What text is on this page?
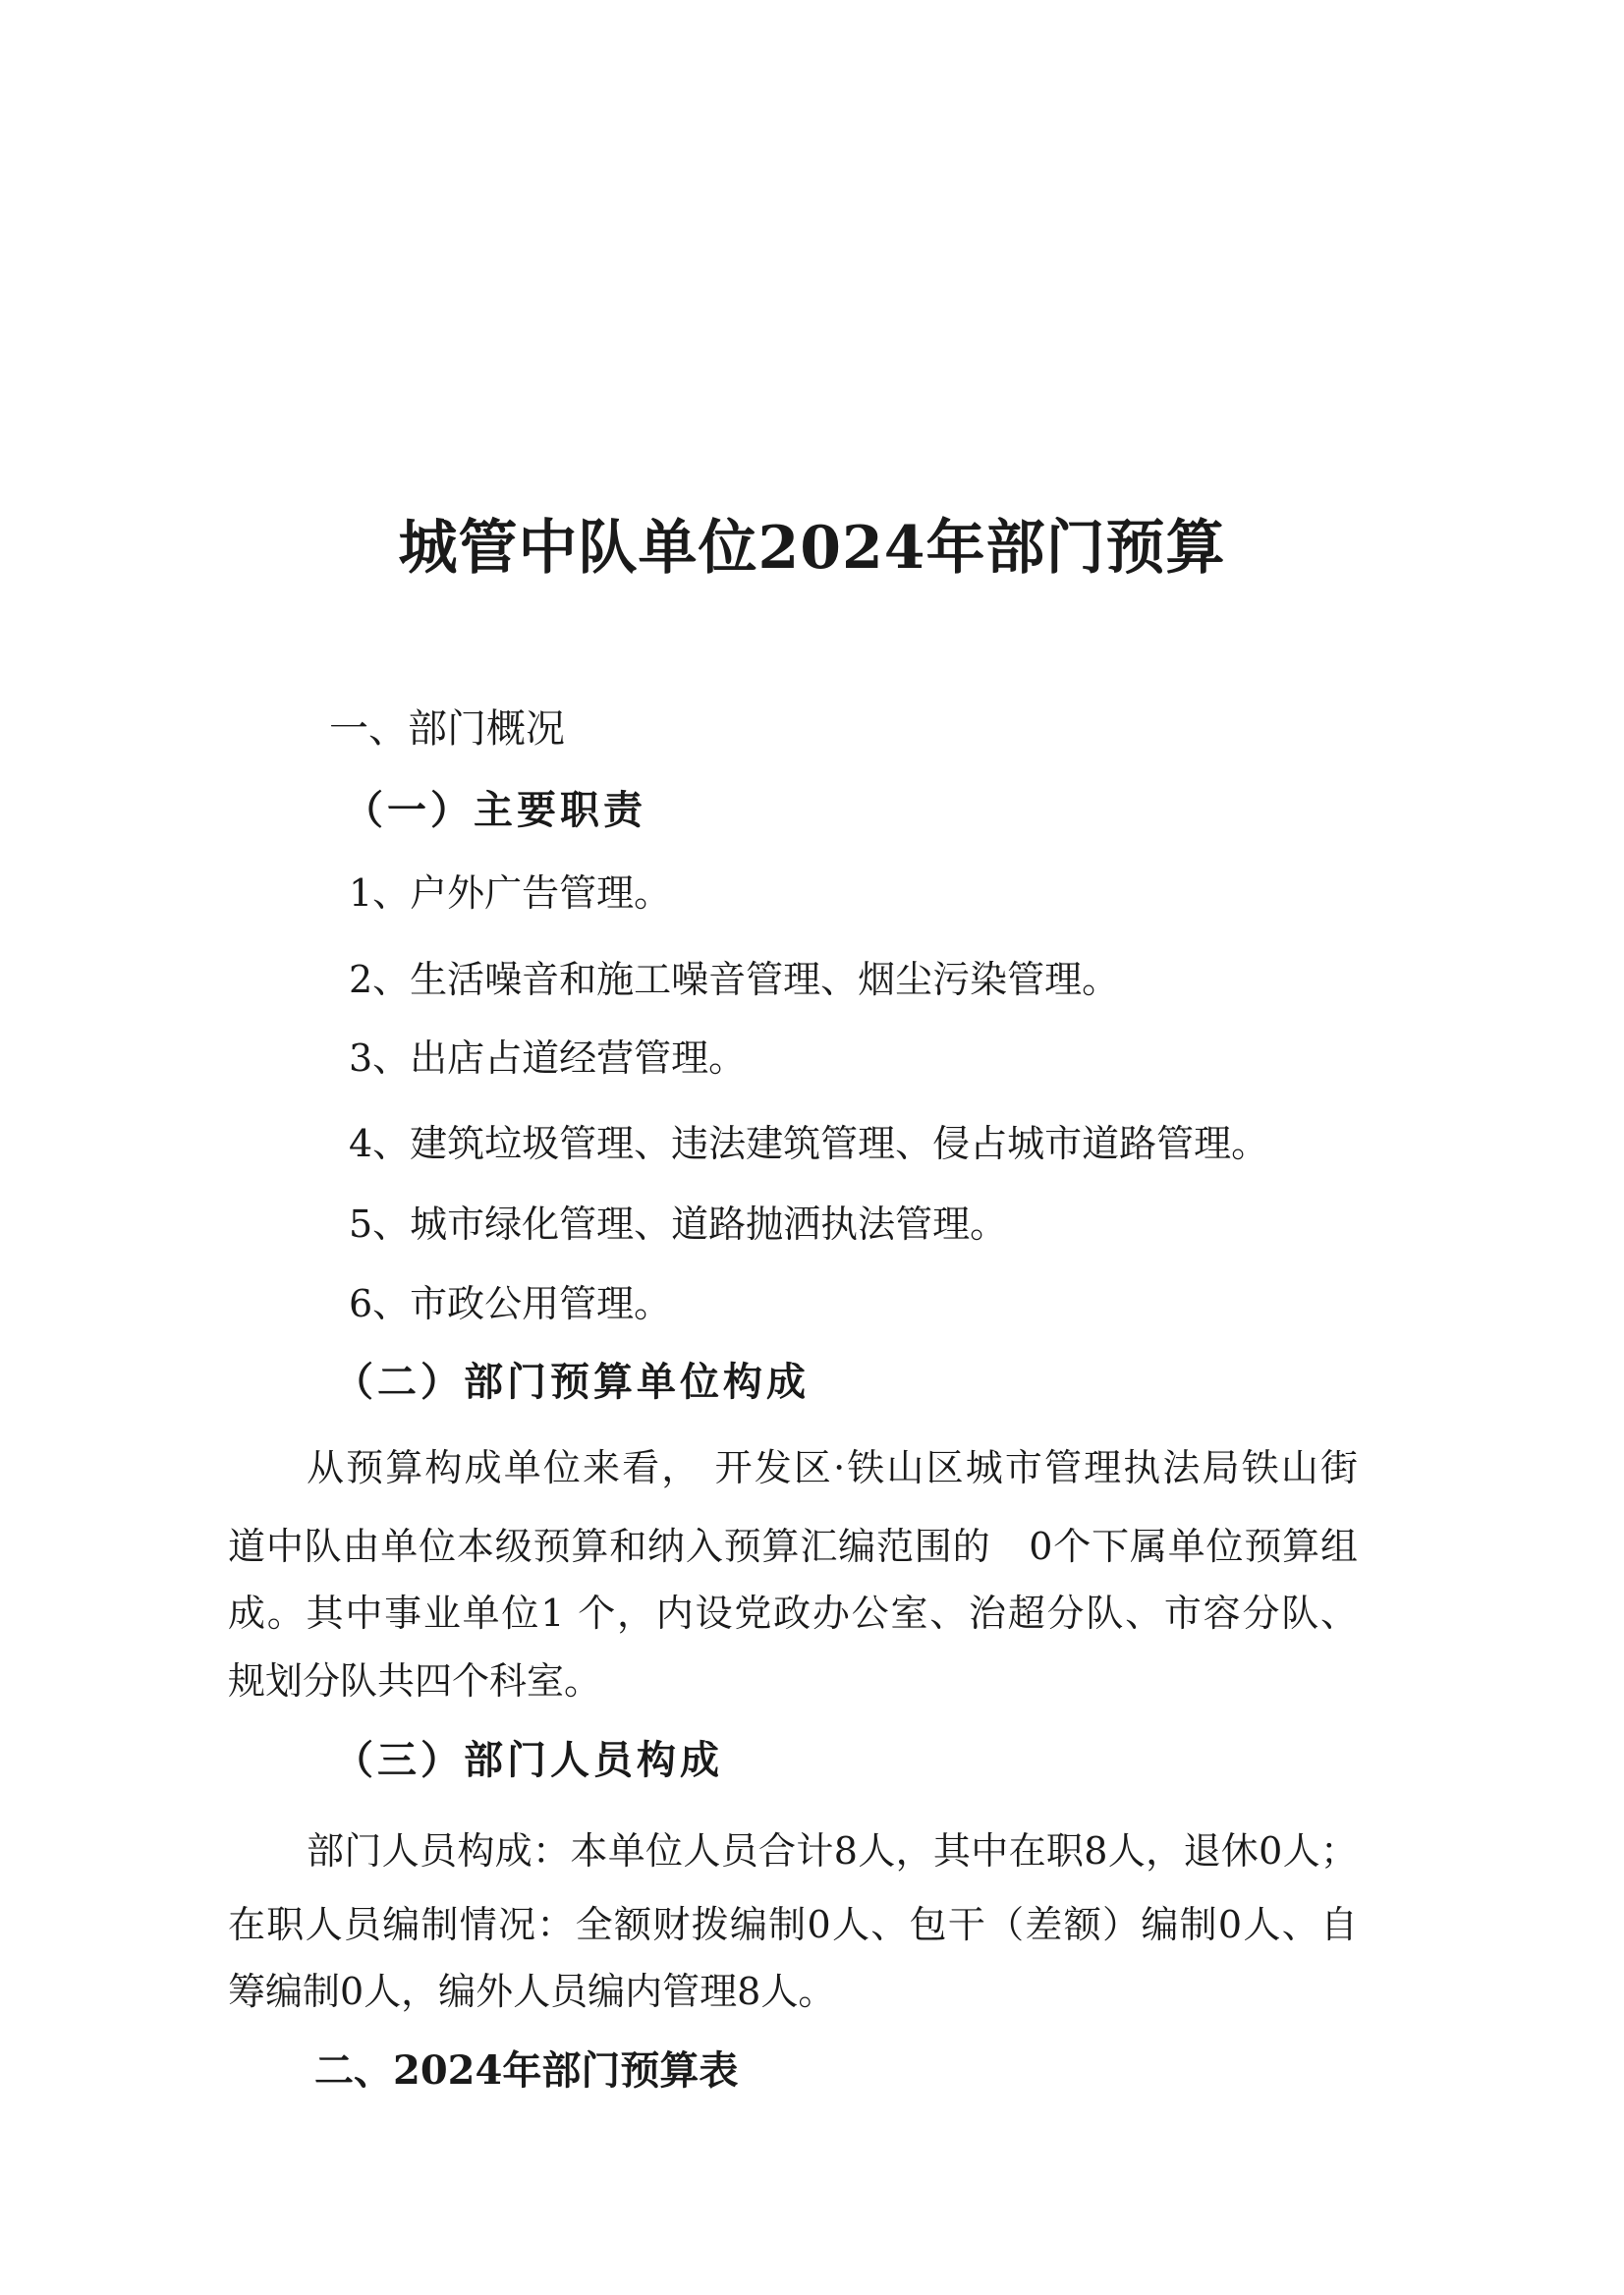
城管中队单位2024年部门预算
一、部门概况
（一）主要职责
1、户外广告管理。
2、生活噪音和施工噪音管理、烟尘污染管理。
3、出店占道经营管理。
4、建筑垃圾管理、违法建筑管理、侵占城市道路管理。
5、城市绿化管理、道路抛洒执法管理。
6、市政公用管理。
（二）部门预算单位构成
从预算构成单位来看， 开发区·铁山区城市管理执法局铁山街
道中队由单位本级预算和纳入预算汇编范围的　0个下属单位预算组
成。其中事业单位1 个，内设党政办公室、治超分队、市容分队、
规划分队共四个科室。
（三）部门人员构成
部门人员构成：本单位人员合计8人，其中在职8人，退休0人；
在职人员编制情况：全额财拨编制0人、包干（差额）编制0人、自
筹编制0人，编外人员编内管理8人。
二、2024年部门预算表
